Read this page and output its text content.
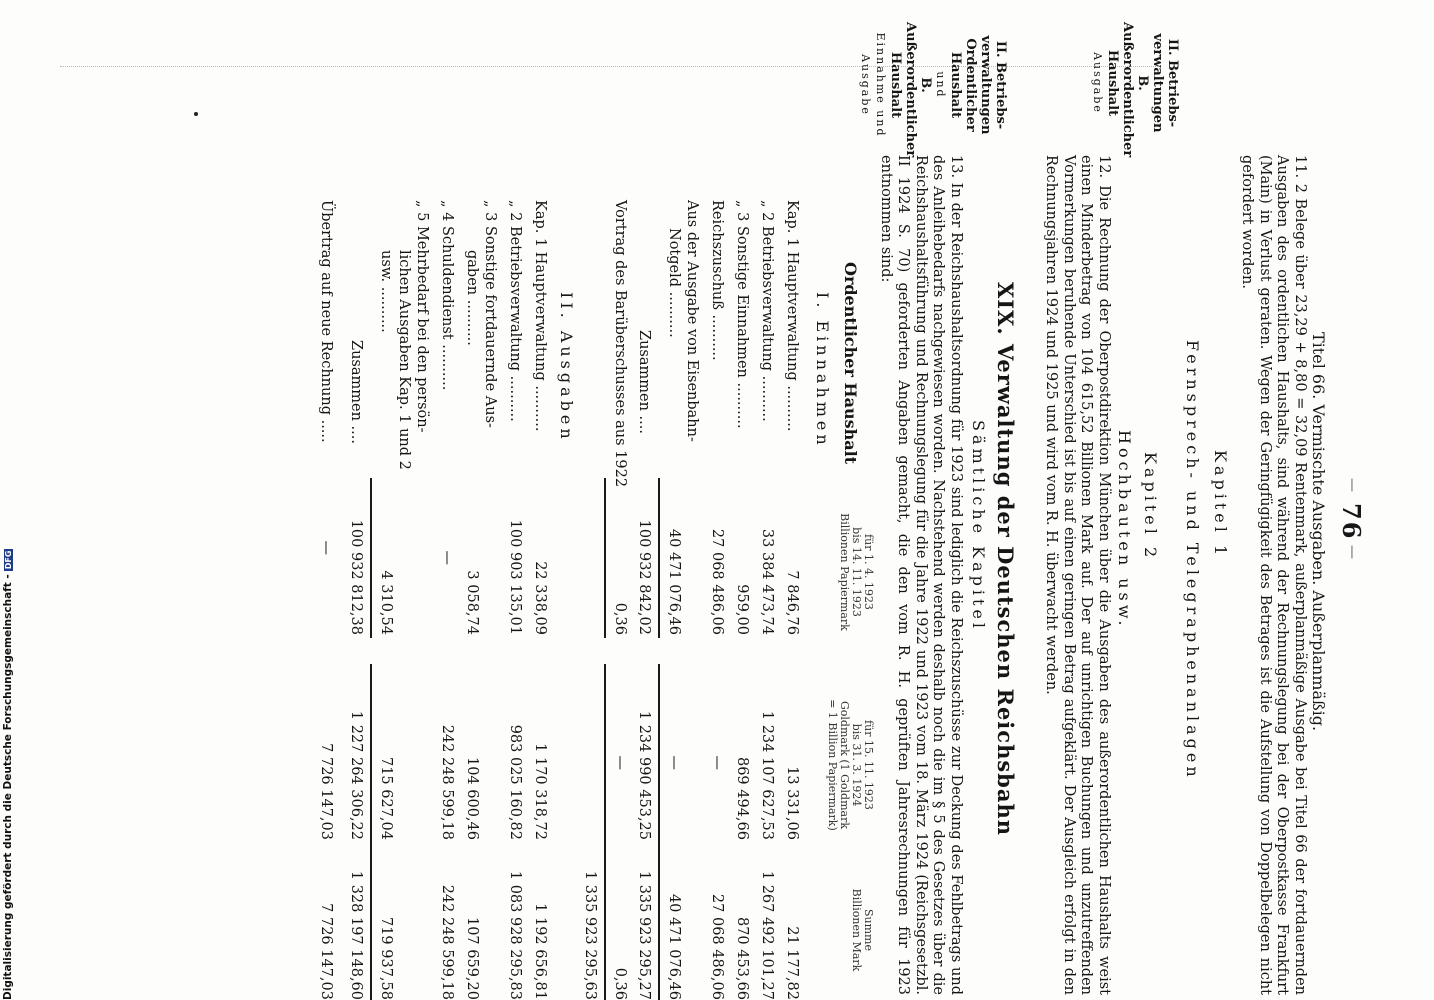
—
76
—
Titel 66. Vermischte Ausgaben. Außerplanmäßig.
11. 2 Belege über 23,29 + 8,80 = 32,09 Rentenmark, außerplanmäßige Ausgabe bei Titel 66 der fortdauernden Ausgaben des ordentlichen Haushalts, sind während der Rechnungslegung bei der Oberpostkasse Frankfurt (Main) in Verlust geraten. Wegen der Geringfügigkeit des Betrages ist die Aufstellung von Doppelbelegen nicht gefordert worden.
Kapitel 1
Fernsprech- und Telegraphenanlagen
Kapitel 2
Hochbauten usw.
II. Betriebs-
verwaltungen
B. Außerordentlicher
Haushalt
Ausgabe
12. Die Rechnung der Oberpostdirektion München über die Ausgaben des außerordentlichen Haushalts weist einen Minderbetrag von 104 615,52 Billionen Mark auf. Der auf unrichtigen Buchungen und unzutreffenden Vormerkungen beruhende Unterschied ist bis auf einen geringen Betrag aufgeklärt. Der Ausgleich erfolgt in den Rechnungsjahren 1924 und 1925 und wird vom R. H. überwacht werden.
XIX. Verwaltung der Deutschen Reichsbahn
Sämtliche Kapitel
II. Betriebs-
verwaltungen
Ordentlicher Haushalt
und
B. Außerordentlicher
Haushalt
Einnahme und
Ausgabe
13. In der Reichshaushaltsordnung für 1923 sind lediglich die Reichszuschüsse zur Deckung des Fehlbetrags und des Anleihebedarfs nachgewiesen worden. Nachstehend werden deshalb noch die im § 5 des Gesetzes über die Reichshaushaltsführung und Rechnungslegung für die Jahre 1922 und 1923 vom 18. März 1924 (Reichsgesetzbl. II 1924 S. 70) geforderten Angaben gemacht, die den vom R. H. geprüften Jahresrechnungen für 1923 entnommen sind:
für 1. 4. 1923
bis 14. 11. 1923
Billionen Papiermark
für 15. 11. 1923
bis 31. 3. 1924
Goldmark (1 Goldmark
= 1 Billion Papiermark)
Summe
Billionen Mark
Ordentlicher Haushalt
I. Einnahmen
Kap. 1 Hauptverwaltung ..........
7 846,76
13 331,06
21 177,82
„ 2 Betriebsverwaltung ..........
33 384 473,74
1 234 107 627,53
1 267 492 101,27
„ 3 Sonstige Einnahmen ..........
959,00
869 494,66
870 453,66
Reichszuschuß ..........
27 068 486,06
—
27 068 486,06
Aus der Ausgabe von Eisenbahn-
Notgeld ..........
40 471 076,46
—
40 471 076,46
Zusammen ....
100 932 842,02
1 234 990 453,25
1 335 923 295,27
Vortrag des Barüberschusses aus 1922
0,36
—
0,36
1 335 923 295,63
II. Ausgaben
Kap. 1 Hauptverwaltung ..........
22 338,09
1 170 318,72
1 192 656,81
„ 2 Betriebsverwaltung ..........
100 903 135,01
983 025 160,82
1 083 928 295,83
„ 3 Sonstige fortdauernde Aus-
gaben ..........
3 058,74
104 600,46
107 659,20
„ 4 Schuldendienst ..........
—
242 248 599,18
242 248 599,18
„ 5 Mehrbedarf bei den persön-
lichen Ausgaben Kap. 1 und 2
usw. ..........
4 310,54
715 627,04
719 937,58
Zusammen ....
100 932 812,38
1 227 264 306,22
1 328 197 148,60
Übertrag auf neue Rechnung .....
—
7 726 147,03
7 726 147,03
Digitalisierung gefördert durch die Deutsche Forschungsgemeinschaft -DFG
